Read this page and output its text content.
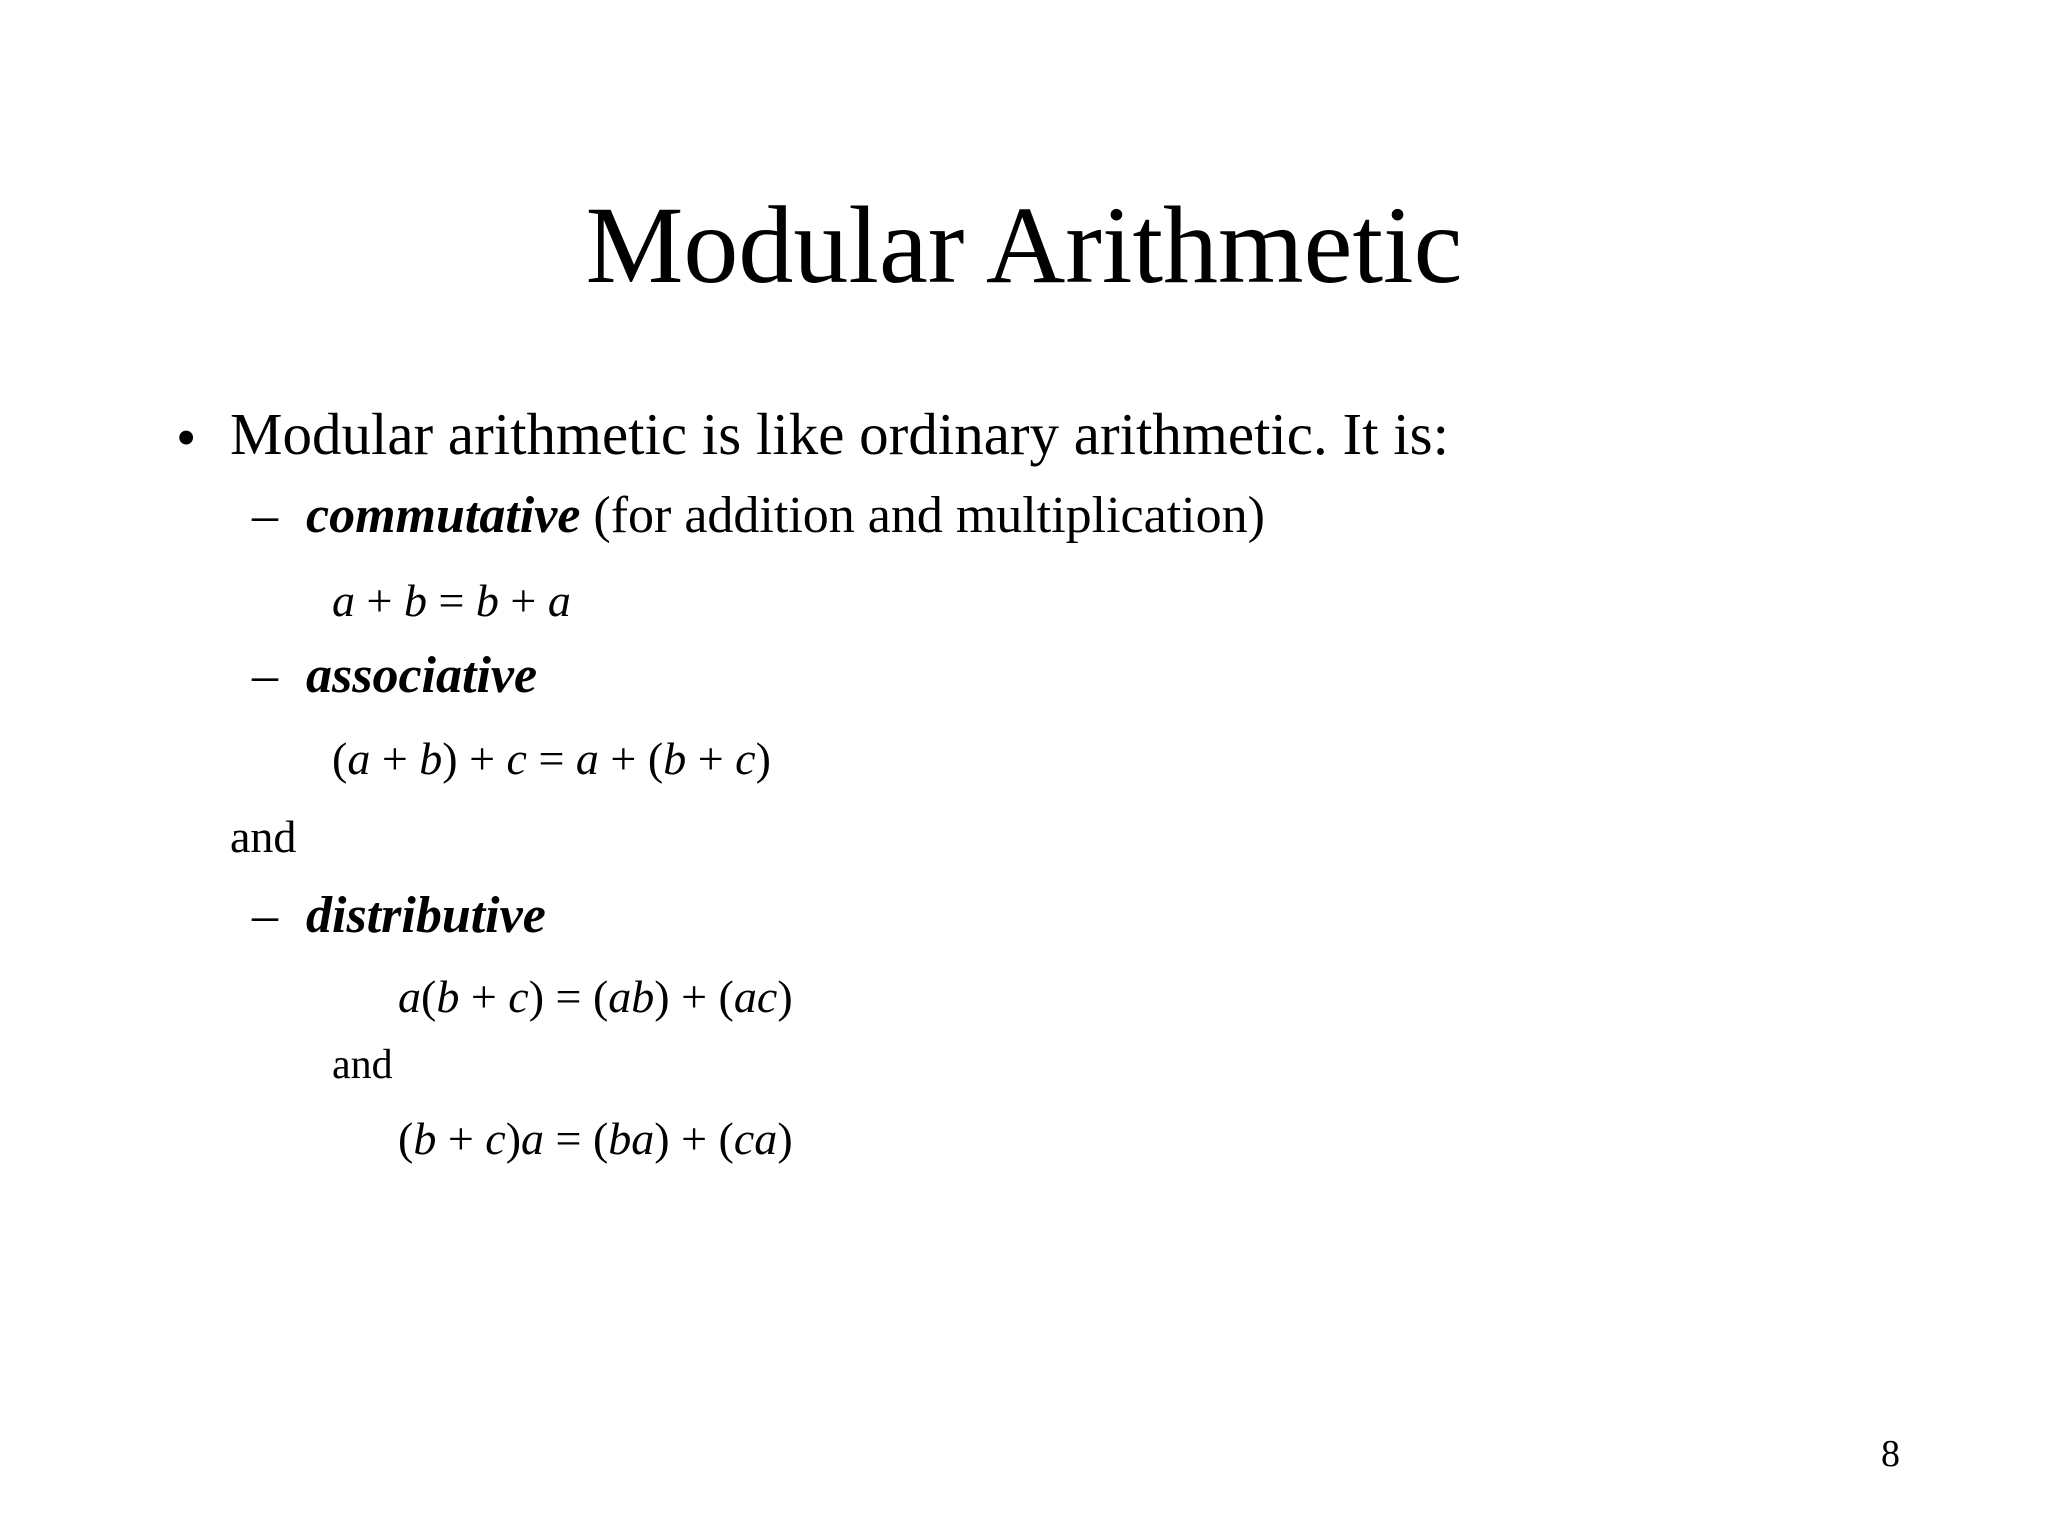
Modular Arithmetic
• Modular arithmetic is like ordinary arithmetic. It is:
– commutative (for addition and multiplication)
a + b = b + a
– associative
(a + b) + c = a + (b + c)
and
– distributive
a(b + c) = (ab) + (ac)
and
(b + c)a = (ba) + (ca)
8
